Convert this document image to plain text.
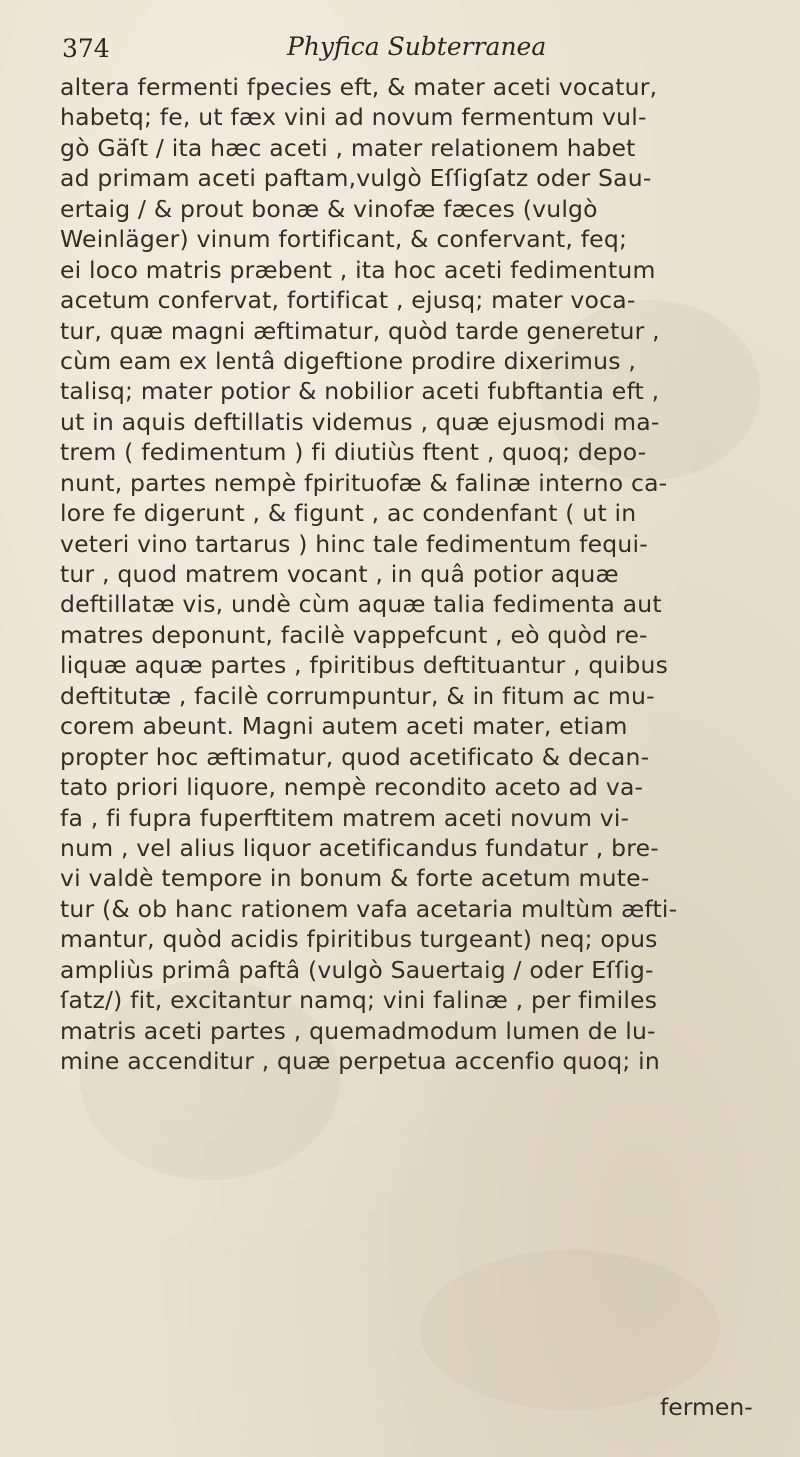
374	Phyfica Subterranea
altera fermenti fpecies eft, & mater aceti vocatur,
habetq; fe, ut fæx vini ad novum fermentum vul-
gò Gäſt / ita hæc aceti , mater relationem habet
ad primam aceti paftam,vulgò Eſſigſatz oder Sau-
ertaig / & prout bonæ & vinofæ fæces (vulgò
Weinläger) vinum fortificant, & confervant, feq;
ei loco matris præbent , ita hoc aceti fedimentum
acetum confervat, fortificat , ejusq; mater voca-
tur, quæ magni æftimatur, quòd tarde generetur ,
cùm eam ex lentâ digeftione prodire dixerimus ,
talisq; mater potior & nobilior aceti fubftantia eft ,
ut in aquis deftillatis videmus , quæ ejusmodi ma-
trem ( fedimentum ) fi diutiùs ftent , quoq; depo-
nunt, partes nempè fpirituofæ & falinæ interno ca-
lore fe digerunt , & figunt , ac condenfant ( ut in
veteri vino tartarus ) hinc tale fedimentum fequi-
tur , quod matrem vocant , in quâ potior aquæ
deftillatæ vis, undè cùm aquæ talia fedimenta aut
matres deponunt, facilè vappefcunt , eò quòd re-
liquæ aquæ partes , fpiritibus deftituantur , quibus
deftitutæ , facilè corrumpuntur, & in fitum ac mu-
corem abeunt. Magni autem aceti mater, etiam
propter hoc æftimatur, quod acetificato & decan-
tato priori liquore, nempè recondito aceto ad va-
fa , fi fupra fuperftitem matrem aceti novum vi-
num , vel alius liquor acetificandus fundatur , bre-
vi valdè tempore in bonum & forte acetum mute-
tur (& ob hanc rationem vafa acetaria multùm æfti-
mantur, quòd acidis fpiritibus turgeant) neq; opus
ampliùs primâ paftâ (vulgò Sauertaig / oder Eſſig-
ſatz/) fit, excitantur namq; vini falinæ , per fimiles
matris aceti partes , quemadmodum lumen de lu-
mine accenditur , quæ perpetua accenfio quoq; in
fermen-
